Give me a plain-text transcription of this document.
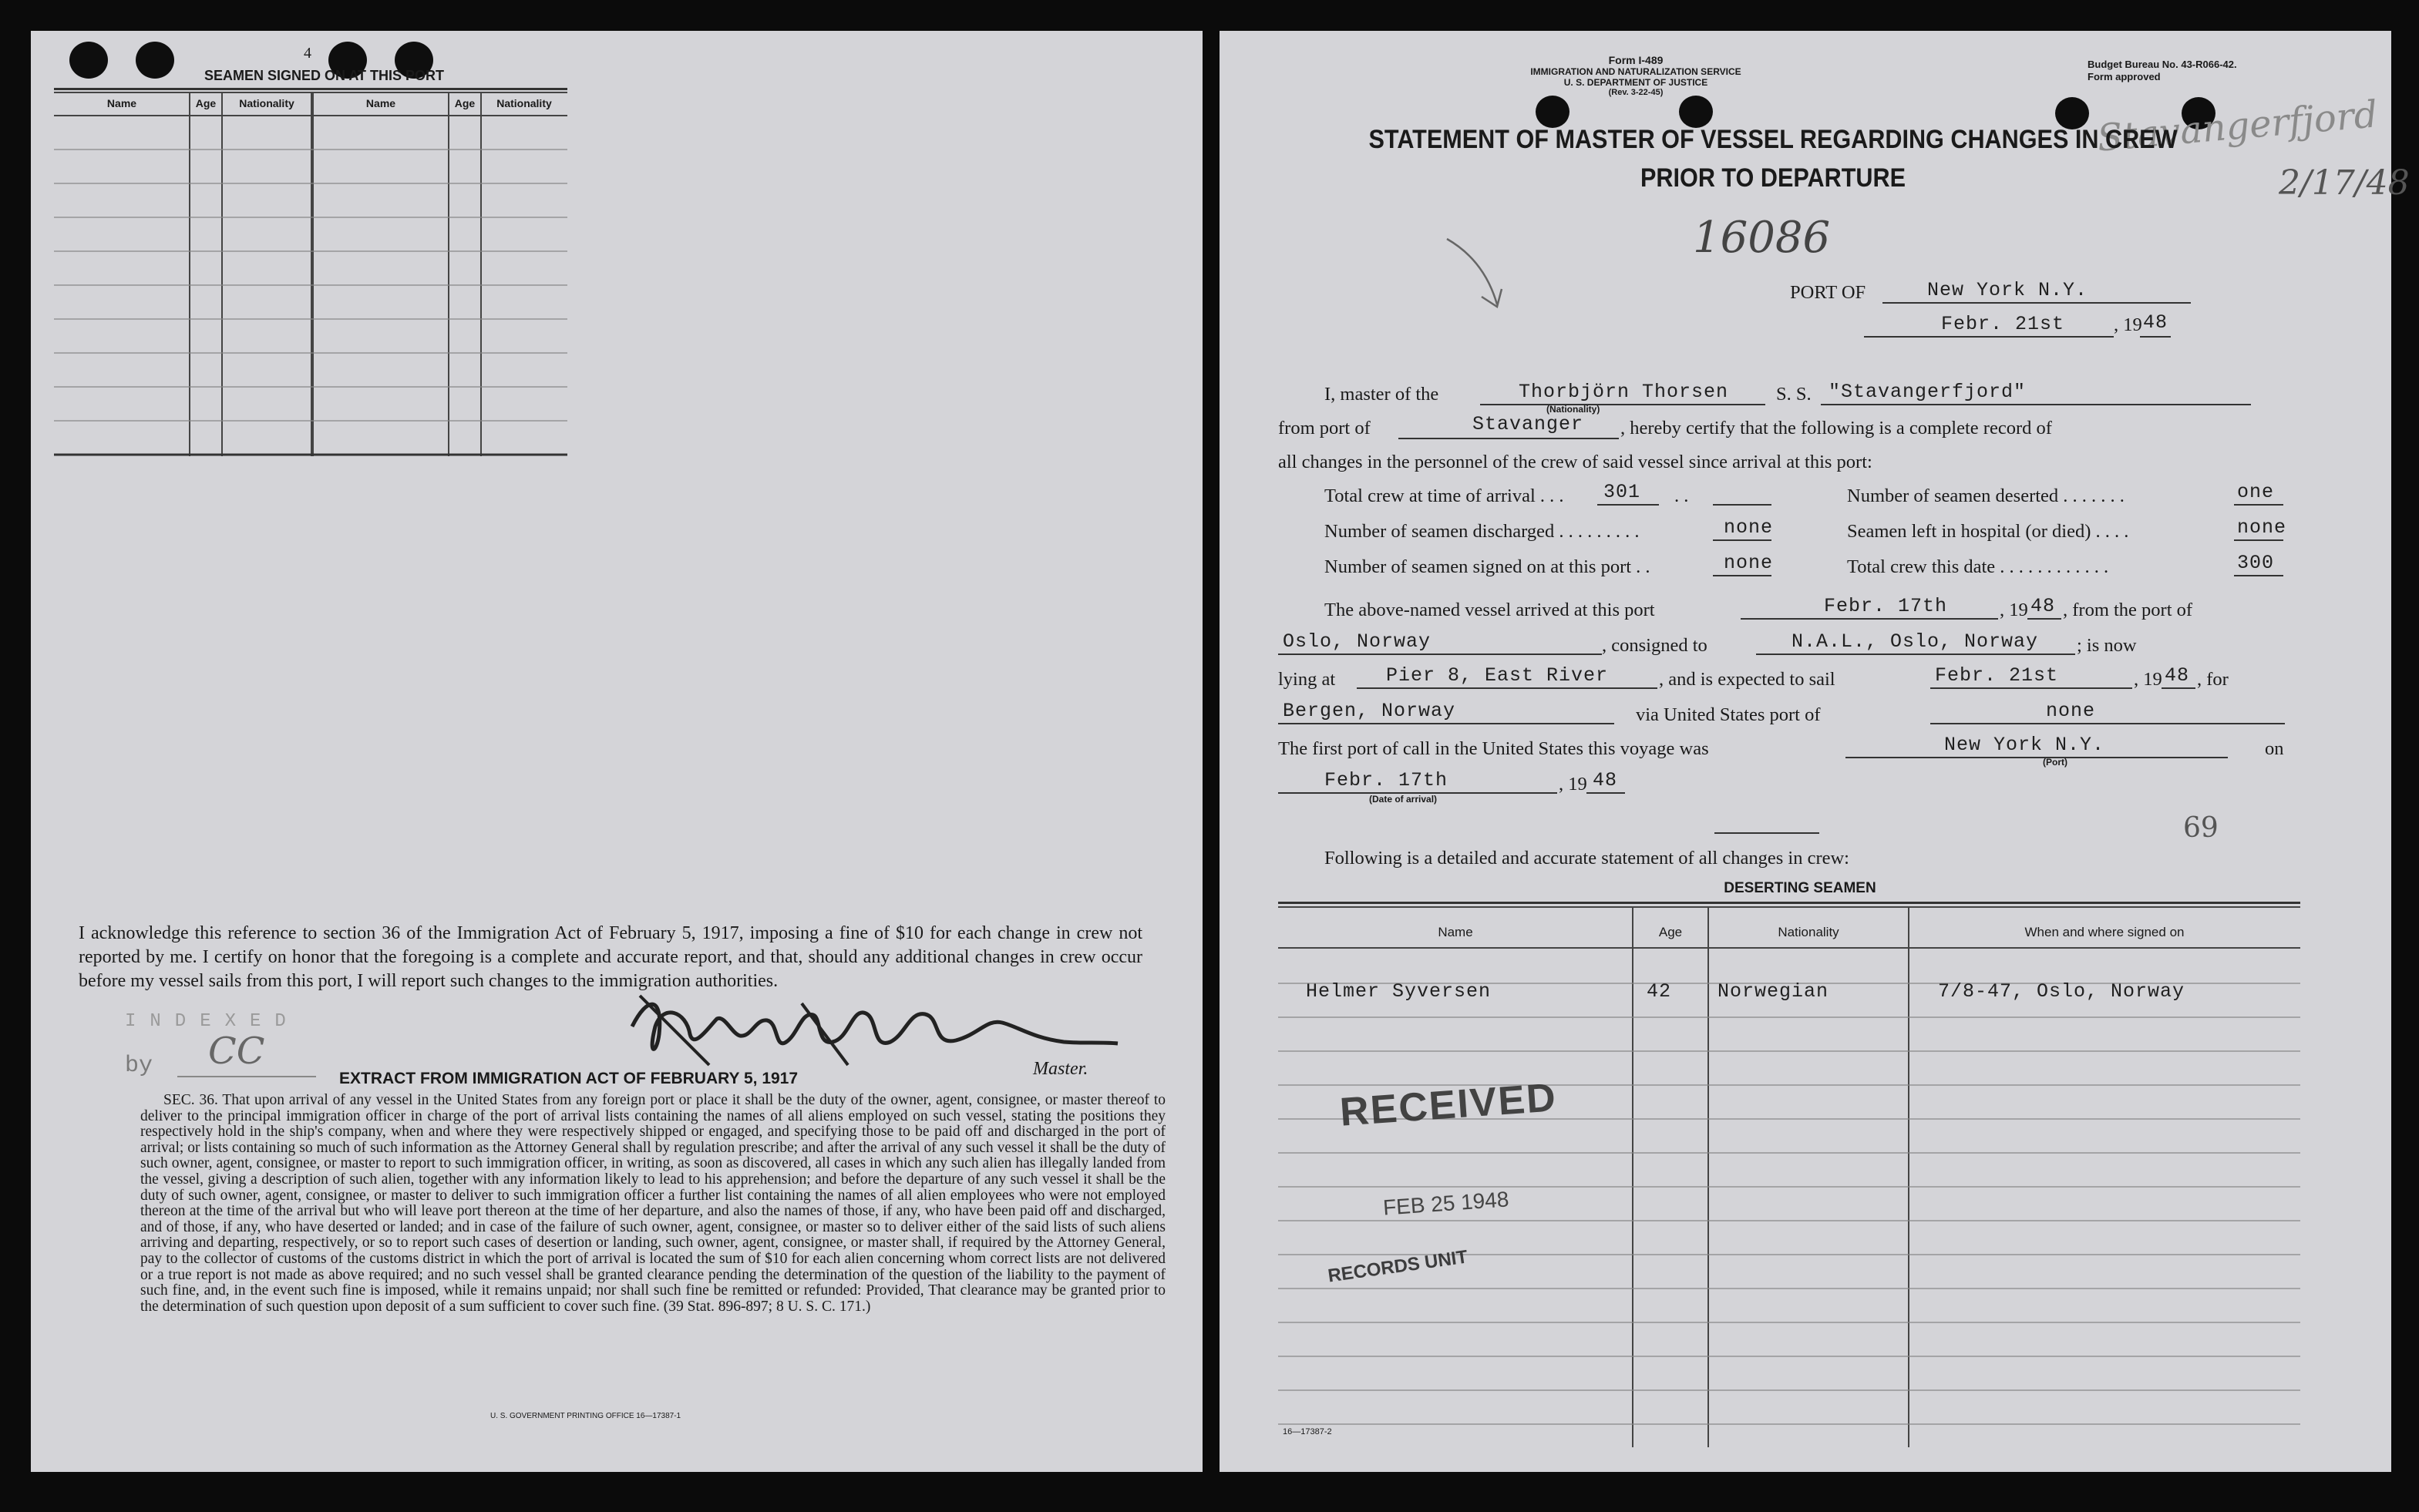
4
SEAMEN SIGNED ON AT THIS PORT
Name	Age	Nationality	Name	Age	Nationality
I acknowledge this reference to section 36 of the Immigration Act of February 5, 1917, imposing a fine of $10 for each change in crew not reported by me. I certify on honor that the foregoing is a complete and accurate report, and that, should any additional changes in crew occur before my vessel sails from this port, I will report such changes to the immigration authorities.
Master.
INDEXED
by CC
EXTRACT FROM IMMIGRATION ACT OF FEBRUARY 5, 1917
SEC. 36. That upon arrival of any vessel in the United States from any foreign port or place it shall be the duty of the owner, agent, consignee, or master thereof to deliver to the principal immigration officer in charge of the port of arrival lists containing the names of all aliens employed on such vessel, stating the positions they respectively hold in the ship's company, when and where they were respectively shipped or engaged, and specifying those to be paid off and discharged in the port of arrival; or lists containing so much of such information as the Attorney General shall by regulation prescribe; and after the arrival of any such vessel it shall be the duty of such owner, agent, consignee, or master to report to such immigration officer, in writing, as soon as discovered, all cases in which any such alien has illegally landed from the vessel, giving a description of such alien, together with any information likely to lead to his apprehension; and before the departure of any such vessel it shall be the duty of such owner, agent, consignee, or master to deliver to such immigration officer a further list containing the names of all alien employees who were not employed thereon at the time of the arrival but who will leave port thereon at the time of her departure, and also the names of those, if any, who have been paid off and discharged, and of those, if any, who have deserted or landed; and in case of the failure of such owner, agent, consignee, or master so to deliver either of the said lists of such aliens arriving and departing, respectively, or so to report such cases of desertion or landing, such owner, agent, consignee, or master shall, if required by the Attorney General, pay to the collector of customs of the customs district in which the port of arrival is located the sum of $10 for each alien concerning whom correct lists are not delivered or a true report is not made as above required; and no such vessel shall be granted clearance pending the determination of the question of the liability to the payment of such fine, and, in the event such fine is imposed, while it remains unpaid; nor shall such fine be remitted or refunded: Provided, That clearance may be granted prior to the determination of such question upon deposit of a sum sufficient to cover such fine. (39 Stat. 896-897; 8 U. S. C. 171.)
U. S. GOVERNMENT PRINTING OFFICE 16—17387-1
Form I-489
IMMIGRATION AND NATURALIZATION SERVICE
U. S. DEPARTMENT OF JUSTICE
(Rev. 3-22-45)
Budget Bureau No. 43-R066-42.
Form approved
Stavangerfjord
2/17/48
STATEMENT OF MASTER OF VESSEL REGARDING CHANGES IN CREW
PRIOR TO DEPARTURE
16086
PORT OF	New York N.Y.
Febr. 21st	, 19 48
I, master of the	Thorbjörn Thorsen
(Nationality)
S. S. "Stavangerfjord"
from port of	Stavanger , hereby certify that the following is a complete record of
all changes in the personnel of the crew of said vessel since arrival at this port:
Total crew at time of arrival . . . 301 . .	Number of seamen deserted . . . . . . .	one
Number of seamen discharged . . . . . . . . .	none	Seamen left in hospital (or died) . . . .	none
Number of seamen signed on at this port . .	none	Total crew this date . . . . . . . . . . . .	300
The above-named vessel arrived at this port	Febr. 17th	, 19 48 , from the port of
Oslo, Norway	, consigned to	N.A.L., Oslo, Norway ; is now
lying at	Pier 8, East River	, and is expected to sail	Febr. 21st	, 19 48 , for
Bergen, Norway	via United States port of	none
The first port of call in the United States this voyage was	New York N.Y.
(Port)
on
Febr. 17th	, 19 48
(Date of arrival)
69
Following is a detailed and accurate statement of all changes in crew:
DESERTING SEAMEN
Name	Age	Nationality	When and where signed on
Helmer Syversen	42 Norwegian	7/8-47, Oslo, Norway
RECEIVED
FEB 25 1948
RECORDS UNIT
16—17387-2
